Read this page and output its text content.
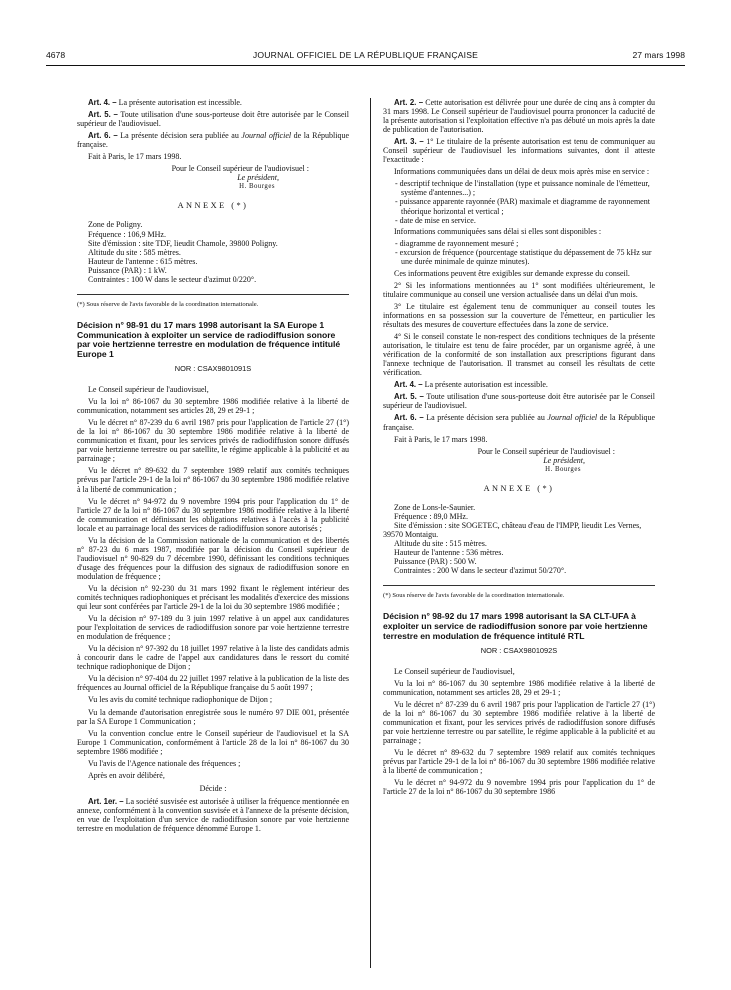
4678	JOURNAL OFFICIEL DE LA RÉPUBLIQUE FRANÇAISE	27 mars 1998

Art. 4. – La présente autorisation est incessible.

Art. 5. – Toute utilisation d'une sous-porteuse doit être autorisée par le Conseil supérieur de l'audiovisuel.

Art. 6. – La présente décision sera publiée au Journal officiel de la République française.

Fait à Paris, le 17 mars 1998.

Pour le Conseil supérieur de l'audiovisuel :

Le président,

H. Bourges

ANNEXE (*)

Zone de Poligny.

Fréquence : 106,9 MHz.

Site d'émission : site TDF, lieudit Chamole, 39800 Poligny.

Altitude du site : 585 mètres.

Hauteur de l'antenne : 615 mètres.

Puissance (PAR) : 1 kW.

Contraintes : 100 W dans le secteur d'azimut 0/220°.

(*) Sous réserve de l'avis favorable de la coordination internationale.

Décision n° 98-91 du 17 mars 1998 autorisant la SA Europe 1 Communication à exploiter un service de radiodiffusion sonore par voie hertzienne terrestre en modulation de fréquence intitulé Europe 1
NOR : CSAX9801091S

Le Conseil supérieur de l'audiovisuel,

Vu la loi n° 86-1067 du 30 septembre 1986 modifiée relative à la liberté de communication, notamment ses articles 28, 29 et 29-1 ;

Vu le décret n° 87-239 du 6 avril 1987 pris pour l'application de l'article 27 (1°) de la loi n° 86-1067 du 30 septembre 1986 modifiée relative à la liberté de communication et fixant, pour les services privés de radiodiffusion sonore diffusés par voie hertzienne terrestre ou par satellite, le régime applicable à la publicité et au parrainage ;

Vu le décret n° 89-632 du 7 septembre 1989 relatif aux comités techniques prévus par l'article 29-1 de la loi n° 86-1067 du 30 septembre 1986 modifiée relative à la liberté de communication ;

Vu le décret n° 94-972 du 9 novembre 1994 pris pour l'application du 1° de l'article 27 de la loi n° 86-1067 du 30 septembre 1986 modifiée relative à la liberté de communication et définissant les obligations relatives à l'accès à la publicité locale et au parrainage local des services de radiodiffusion sonore autorisés ;

Vu la décision de la Commission nationale de la communication et des libertés n° 87-23 du 6 mars 1987, modifiée par la décision du Conseil supérieur de l'audiovisuel n° 90-829 du 7 décembre 1990, définissant les conditions techniques d'usage des fréquences pour la diffusion des signaux de radiodiffusion sonore en modulation de fréquence ;

Vu la décision n° 92-230 du 31 mars 1992 fixant le règlement intérieur des comités techniques radiophoniques et précisant les modalités d'exercice des missions qui leur sont conférées par l'article 29-1 de la loi du 30 septembre 1986 modifiée ;

Vu la décision n° 97-189 du 3 juin 1997 relative à un appel aux candidatures pour l'exploitation de services de radiodiffusion sonore par voie hertzienne terrestre en modulation de fréquence ;

Vu la décision n° 97-392 du 18 juillet 1997 relative à la liste des candidats admis à concourir dans le cadre de l'appel aux candidatures dans le ressort du comité technique radiophonique de Dijon ;

Vu la décision n° 97-404 du 22 juillet 1997 relative à la publication de la liste des fréquences au Journal officiel de la République française du 5 août 1997 ;

Vu les avis du comité technique radiophonique de Dijon ;

Vu la demande d'autorisation enregistrée sous le numéro 97 DIE 001, présentée par la SA Europe 1 Communication ;

Vu la convention conclue entre le Conseil supérieur de l'audiovisuel et la SA Europe 1 Communication, conformément à l'article 28 de la loi n° 86-1067 du 30 septembre 1986 modifiée ;

Vu l'avis de l'Agence nationale des fréquences ;

Après en avoir délibéré,

Décide :

Art. 1er. – La société susvisée est autorisée à utiliser la fréquence mentionnée en annexe, conformément à la convention susvisée et à l'annexe de la présente décision, en vue de l'exploitation d'un service de radiodiffusion sonore par voie hertzienne terrestre en modulation de fréquence dénommé Europe 1.

Art. 2. – Cette autorisation est délivrée pour une durée de cinq ans à compter du 31 mars 1998. Le Conseil supérieur de l'audiovisuel pourra prononcer la caducité de la présente autorisation si l'exploitation effective n'a pas débuté un mois après la date de publication de l'autorisation.

Art. 3. – 1° Le titulaire de la présente autorisation est tenu de communiquer au Conseil supérieur de l'audiovisuel les informations suivantes, dont il atteste l'exactitude :

Informations communiquées dans un délai de deux mois après mise en service :

- descriptif technique de l'installation (type et puissance nominale de l'émetteur, système d'antennes...) ;

- puissance apparente rayonnée (PAR) maximale et diagramme de rayonnement théorique horizontal et vertical ;

- date de mise en service.

Informations communiquées sans délai si elles sont disponibles :

- diagramme de rayonnement mesuré ;

- excursion de fréquence (pourcentage statistique du dépassement de 75 kHz sur une durée minimale de quinze minutes).

Ces informations peuvent être exigibles sur demande expresse du conseil.

2° Si les informations mentionnées au 1° sont modifiées ultérieurement, le titulaire communique au conseil une version actualisée dans un délai d'un mois.

3° Le titulaire est également tenu de communiquer au conseil toutes les informations en sa possession sur la couverture de l'émetteur, en particulier les résultats des mesures de couverture effectuées dans la zone de service.

4° Si le conseil constate le non-respect des conditions techniques de la présente autorisation, le titulaire est tenu de faire procéder, par un organisme agréé, à une vérification de la conformité de son installation aux prescriptions figurant dans l'annexe technique de l'autorisation. Il transmet au conseil les résultats de cette vérification.

Art. 4. – La présente autorisation est incessible.

Art. 5. – Toute utilisation d'une sous-porteuse doit être autorisée par le Conseil supérieur de l'audiovisuel.

Art. 6. – La présente décision sera publiée au Journal officiel de la République française.

Fait à Paris, le 17 mars 1998.

Pour le Conseil supérieur de l'audiovisuel :

Le président,

H. Bourges

ANNEXE (*)

Zone de Lons-le-Saunier.

Fréquence : 89,0 MHz.

Site d'émission : site SOGETEC, château d'eau de l'IMPP, lieudit Les Vernes, 39570 Montaigu.

Altitude du site : 515 mètres.

Hauteur de l'antenne : 536 mètres.

Puissance (PAR) : 500 W.

Contraintes : 200 W dans le secteur d'azimut 50/270°.

(*) Sous réserve de l'avis favorable de la coordination internationale.

Décision n° 98-92 du 17 mars 1998 autorisant la SA CLT-UFA à exploiter un service de radiodiffusion sonore par voie hertzienne terrestre en modulation de fréquence intitulé RTL
NOR : CSAX9801092S

Le Conseil supérieur de l'audiovisuel,

Vu la loi n° 86-1067 du 30 septembre 1986 modifiée relative à la liberté de communication, notamment ses articles 28, 29 et 29-1 ;

Vu le décret n° 87-239 du 6 avril 1987 pris pour l'application de l'article 27 (1°) de la loi n° 86-1067 du 30 septembre 1986 modifiée relative à la liberté de communication et fixant, pour les services privés de radiodiffusion sonore diffusés par voie hertzienne terrestre ou par satellite, le régime applicable à la publicité et au parrainage ;

Vu le décret n° 89-632 du 7 septembre 1989 relatif aux comités techniques prévus par l'article 29-1 de la loi n° 86-1067 du 30 septembre 1986 modifiée relative à la liberté de communication ;

Vu le décret n° 94-972 du 9 novembre 1994 pris pour l'application du 1° de l'article 27 de la loi n° 86-1067 du 30 septembre 1986
